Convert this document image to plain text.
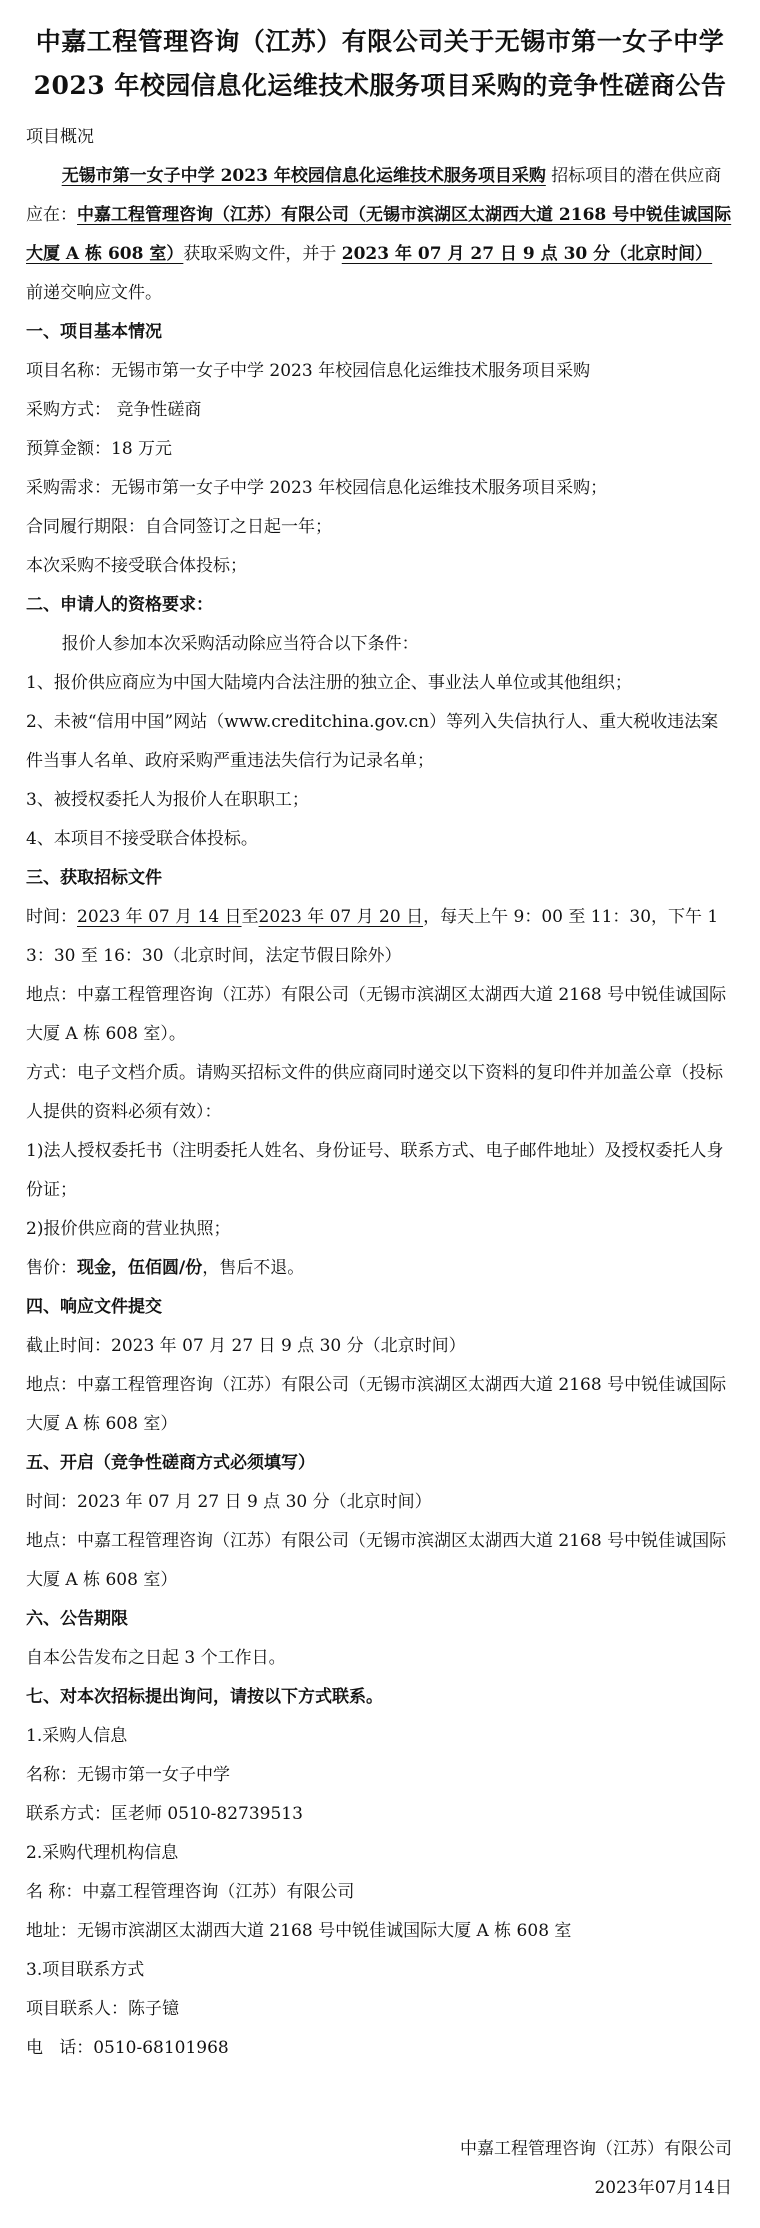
中嘉工程管理咨询（江苏）有限公司关于无锡市第一女子中学2023 年校园信息化运维技术服务项目采购的竞争性磋商公告

项目概况

无锡市第一女子中学 2023 年校园信息化运维技术服务项目采购 招标项目的潜在供应商应在：中嘉工程管理咨询（江苏）有限公司（无锡市滨湖区太湖西大道 2168 号中锐佳诚国际大厦 A 栋 608 室）获取采购文件，并于 2023 年 07 月 27 日 9 点 30 分（北京时间） 前递交响应文件。

一、项目基本情况

项目名称：无锡市第一女子中学 2023 年校园信息化运维技术服务项目采购

采购方式： 竞争性磋商

预算金额：18 万元

采购需求：无锡市第一女子中学 2023 年校园信息化运维技术服务项目采购；

合同履行期限：自合同签订之日起一年；

本次采购不接受联合体投标；

二、申请人的资格要求：

报价人参加本次采购活动除应当符合以下条件：

1、报价供应商应为中国大陆境内合法注册的独立企、事业法人单位或其他组织；

2、未被“信用中国”网站（www.creditchina.gov.cn）等列入失信执行人、重大税收违法案件当事人名单、政府采购严重违法失信行为记录名单；

3、被授权委托人为报价人在职职工；

4、本项目不接受联合体投标。

三、获取招标文件

时间：2023 年 07 月 14 日至2023 年 07 月 20 日，每天上午 9：00 至 11：30，下午 13：30 至 16：30（北京时间，法定节假日除外）

地点：中嘉工程管理咨询（江苏）有限公司（无锡市滨湖区太湖西大道 2168 号中锐佳诚国际大厦 A 栋 608 室）。

方式：电子文档介质。请购买招标文件的供应商同时递交以下资料的复印件并加盖公章（投标人提供的资料必须有效）：

1)法人授权委托书（注明委托人姓名、身份证号、联系方式、电子邮件地址）及授权委托人身份证；

2)报价供应商的营业执照；

售价：现金，伍佰圆/份，售后不退。

四、响应文件提交

截止时间：2023 年 07 月 27 日 9 点 30 分（北京时间）

地点：中嘉工程管理咨询（江苏）有限公司（无锡市滨湖区太湖西大道 2168 号中锐佳诚国际大厦 A 栋 608 室）

五、开启（竞争性磋商方式必须填写）

时间：2023 年 07 月 27 日 9 点 30 分（北京时间）

地点：中嘉工程管理咨询（江苏）有限公司（无锡市滨湖区太湖西大道 2168 号中锐佳诚国际大厦 A 栋 608 室）

六、公告期限

自本公告发布之日起 3 个工作日。

七、对本次招标提出询问，请按以下方式联系。

1.采购人信息

名称：无锡市第一女子中学

联系方式：匡老师 0510-82739513

2.采购代理机构信息

名 称：中嘉工程管理咨询（江苏）有限公司

地址：无锡市滨湖区太湖西大道 2168 号中锐佳诚国际大厦 A 栋 608 室

3.项目联系方式

项目联系人：陈子镱

电   话：0510-68101968

中嘉工程管理咨询（江苏）有限公司
2023年07月14日
